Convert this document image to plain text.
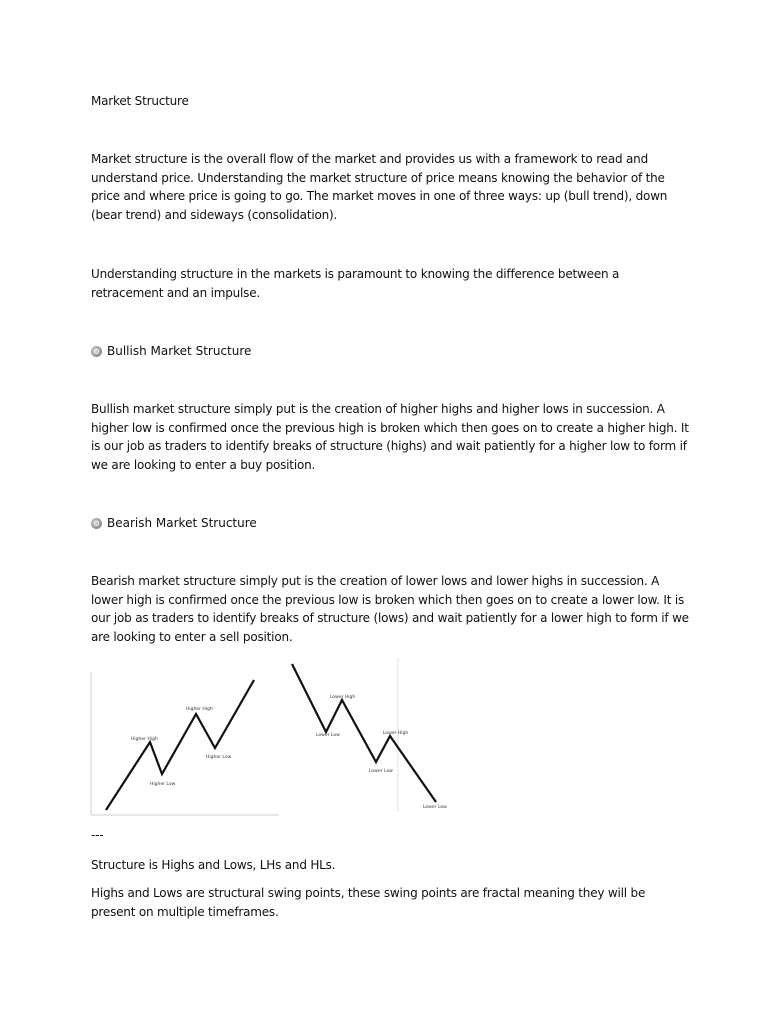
Market Structure

Market structure is the overall flow of the market and provides us with a framework to read and understand price. Understanding the market structure of price means knowing the behavior of the price and where price is going to go. The market moves in one of three ways: up (bull trend), down (bear trend) and sideways (consolidation).

Understanding structure in the markets is paramount to knowing the difference between a retracement and an impulse.

Bullish Market Structure

Bullish market structure simply put is the creation of higher highs and higher lows in succession. A higher low is confirmed once the previous high is broken which then goes on to create a higher high. It is our job as traders to identify breaks of structure (highs) and wait patiently for a higher low to form if we are looking to enter a buy position.

Bearish Market Structure

Bearish market structure simply put is the creation of lower lows and lower highs in succession. A lower high is confirmed once the previous low is broken which then goes on to create a lower low. It is our job as traders to identify breaks of structure (lows) and wait patiently for a lower high to form if we are looking to enter a sell position.

Higher High
Higher High
Higher Low
Higher Low
Lower High
Lower Low	Lower High
Lower Low
Lower Low

---

Structure is Highs and Lows, LHs and HLs.

Highs and Lows are structural swing points, these swing points are fractal meaning they will be present on multiple timeframes.
